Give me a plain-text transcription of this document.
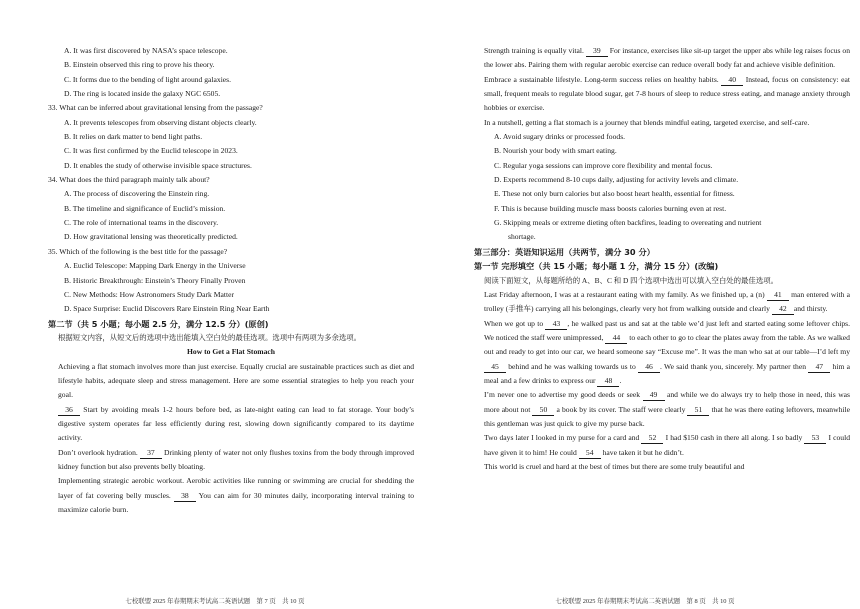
A. It was first discovered by NASA’s space telescope.
B. Einstein observed this ring to prove his theory.
C. It forms due to the bending of light around galaxies.
D. The ring is located inside the galaxy NGC 6505.
33. What can be inferred about gravitational lensing from the passage?
A. It prevents telescopes from observing distant objects clearly.
B. It relies on dark matter to bend light paths.
C. It was first confirmed by the Euclid telescope in 2023.
D. It enables the study of otherwise invisible space structures.
34. What does the third paragraph mainly talk about?
A. The process of discovering the Einstein ring.
B. The timeline and significance of Euclid’s mission.
C. The role of international teams in the discovery.
D. How gravitational lensing was theoretically predicted.
35. Which of the following is the best title for the passage?
A. Euclid Telescope: Mapping Dark Energy in the Universe
B. Historic Breakthrough: Einstein’s Theory Finally Proven
C. New Methods: How Astronomers Study Dark Matter
D. Space Surprise: Euclid Discovers Rare Einstein Ring Near Earth
第二节（共 5 小题；每小题 2.5 分，满分 12.5 分）(原创)
根据短文内容，从短文后的选项中选出能填入空白处的最佳选项。选项中有两项为多余选项。
How to Get a Flat Stomach
Achieving a flat stomach involves more than just exercise. Equally crucial are sustainable practices such as diet and lifestyle habits, adequate sleep and stress management. Here are some essential strategies to help you reach your goal.
36 Start by avoiding meals 1-2 hours before bed, as late-night eating can lead to fat storage. Your body’s digestive system operates far less efficiently during rest, slowing down significantly compared to its daytime activity.
Don’t overlook hydration. 37 Drinking plenty of water not only flushes toxins from the body through improved kidney function but also prevents belly bloating.
Implementing strategic aerobic workout. Aerobic activities like running or swimming are crucial for shedding the layer of fat covering belly muscles. 38 You can aim for 30 minutes daily, incorporating interval training to maximize calorie burn.
七校联盟 2025 年春期期末考试高二英语试题　第 7 页　共 10 页
Strength training is equally vital. 39 For instance, exercises like sit-up target the upper abs while leg raises focus on the lower abs. Pairing them with regular aerobic exercise can reduce overall body fat and achieve visible definition.
Embrace a sustainable lifestyle. Long-term success relies on healthy habits. 40 Instead, focus on consistency: eat small, frequent meals to regulate blood sugar, get 7-8 hours of sleep to reduce stress eating, and manage anxiety through hobbies or exercise.
In a nutshell, getting a flat stomach is a journey that blends mindful eating, targeted exercise, and self-care.
A. Avoid sugary drinks or processed foods.
B. Nourish your body with smart eating.
C. Regular yoga sessions can improve core flexibility and mental focus.
D. Experts recommend 8-10 cups daily, adjusting for activity levels and climate.
E. These not only burn calories but also boost heart health, essential for fitness.
F. This is because building muscle mass boosts calories burning even at rest.
G. Skipping meals or extreme dieting often backfires, leading to overeating and nutrient
shortage.
第三部分：英语知识运用（共两节，满分 30 分）
第一节 完形填空（共 15 小题；每小题 1 分，满分 15 分）(改编)
阅读下面短文，从每题所给的 A、B、C 和 D 四个选项中选出可以填入空白处的最佳选项。
Last Friday afternoon, I was at a restaurant eating with my family. As we finished up, a (n) 41 man entered with a trolley (手推车) carrying all his belongings, clearly very hot from walking outside and clearly 42 and thirsty.
When we got up to 43 , he walked past us and sat at the table we’d just left and started eating some leftover chips. We noticed the staff were unimpressed, 44 to each other to go to clear the plates away from the table. As we walked out and ready to get into our car, we heard someone say “Excuse me”. It was the man who sat at our table—I’d left my 45 behind and he was walking towards us to 46 . We said thank you, sincerely. My partner then 47 him a meal and a few drinks to express our 48 .
I’m never one to advertise my good deeds or seek 49 and while we do always try to help those in need, this was more about not 50 a book by its cover. The staff were clearly 51 that he was there eating leftovers, meanwhile this gentleman was just quick to give my purse back.
Two days later I looked in my purse for a card and 52 I had $150 cash in there all along. I so badly 53 I could have given it to him! He could 54 have taken it but he didn’t.
This world is cruel and hard at the best of times but there are some truly beautiful and
七校联盟 2025 年春期期末考试高二英语试题　第 8 页　共 10 页
